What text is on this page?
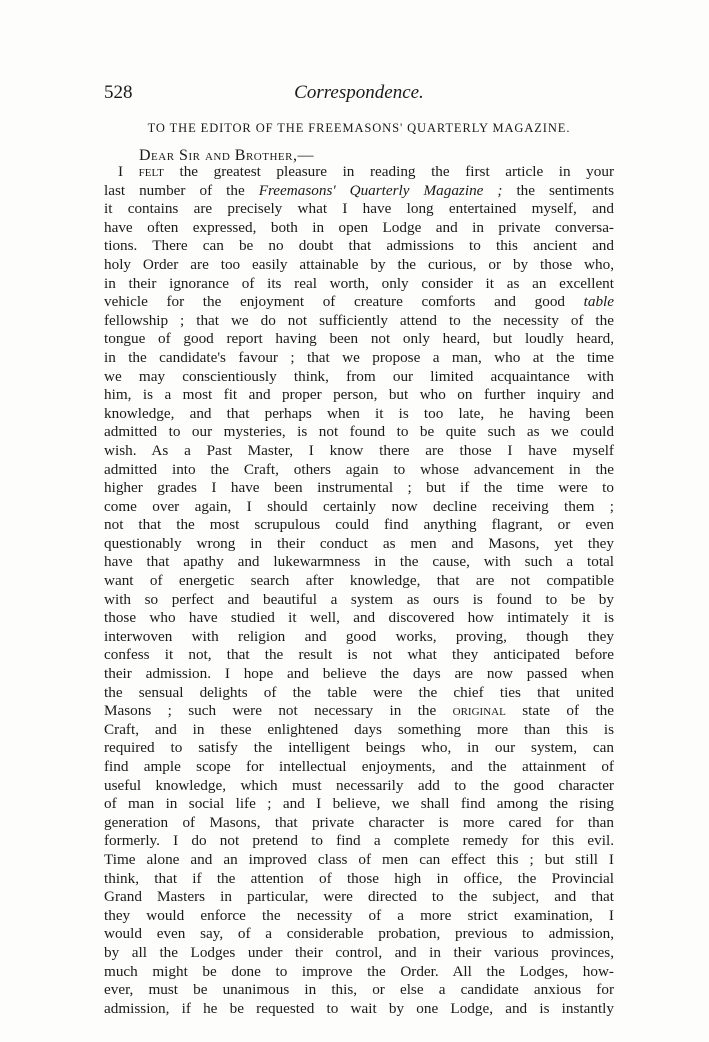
528	Correspondence.
TO THE EDITOR OF THE FREEMASONS' QUARTERLY MAGAZINE.
Dear Sir and Brother,—
I felt the greatest pleasure in reading the first article in your
last number of the Freemasons' Quarterly Magazine ; the sentiments
it contains are precisely what I have long entertained myself, and
have often expressed, both in open Lodge and in private conversa-
tions. There can be no doubt that admissions to this ancient and
holy Order are too easily attainable by the curious, or by those who,
in their ignorance of its real worth, only consider it as an excellent
vehicle for the enjoyment of creature comforts and good table
fellowship ; that we do not sufficiently attend to the necessity of the
tongue of good report having been not only heard, but loudly heard,
in the candidate's favour ; that we propose a man, who at the time
we may conscientiously think, from our limited acquaintance with
him, is a most fit and proper person, but who on further inquiry and
knowledge, and that perhaps when it is too late, he having been
admitted to our mysteries, is not found to be quite such as we could
wish. As a Past Master, I know there are those I have myself
admitted into the Craft, others again to whose advancement in the
higher grades I have been instrumental ; but if the time were to
come over again, I should certainly now decline receiving them ;
not that the most scrupulous could find anything flagrant, or even
questionably wrong in their conduct as men and Masons, yet they
have that apathy and lukewarmness in the cause, with such a total
want of energetic search after knowledge, that are not compatible
with so perfect and beautiful a system as ours is found to be by
those who have studied it well, and discovered how intimately it is
interwoven with religion and good works, proving, though they
confess it not, that the result is not what they anticipated before
their admission. I hope and believe the days are now passed when
the sensual delights of the table were the chief ties that united
Masons ; such were not necessary in the original state of the
Craft, and in these enlightened days something more than this is
required to satisfy the intelligent beings who, in our system, can
find ample scope for intellectual enjoyments, and the attainment of
useful knowledge, which must necessarily add to the good character
of man in social life ; and I believe, we shall find among the rising
generation of Masons, that private character is more cared for than
formerly. I do not pretend to find a complete remedy for this evil.
Time alone and an improved class of men can effect this ; but still I
think, that if the attention of those high in office, the Provincial
Grand Masters in particular, were directed to the subject, and that
they would enforce the necessity of a more strict examination, I
would even say, of a considerable probation, previous to admission,
by all the Lodges under their control, and in their various provinces,
much might be done to improve the Order. All the Lodges, how-
ever, must be unanimous in this, or else a candidate anxious for
admission, if he be requested to wait by one Lodge, and is instantly
